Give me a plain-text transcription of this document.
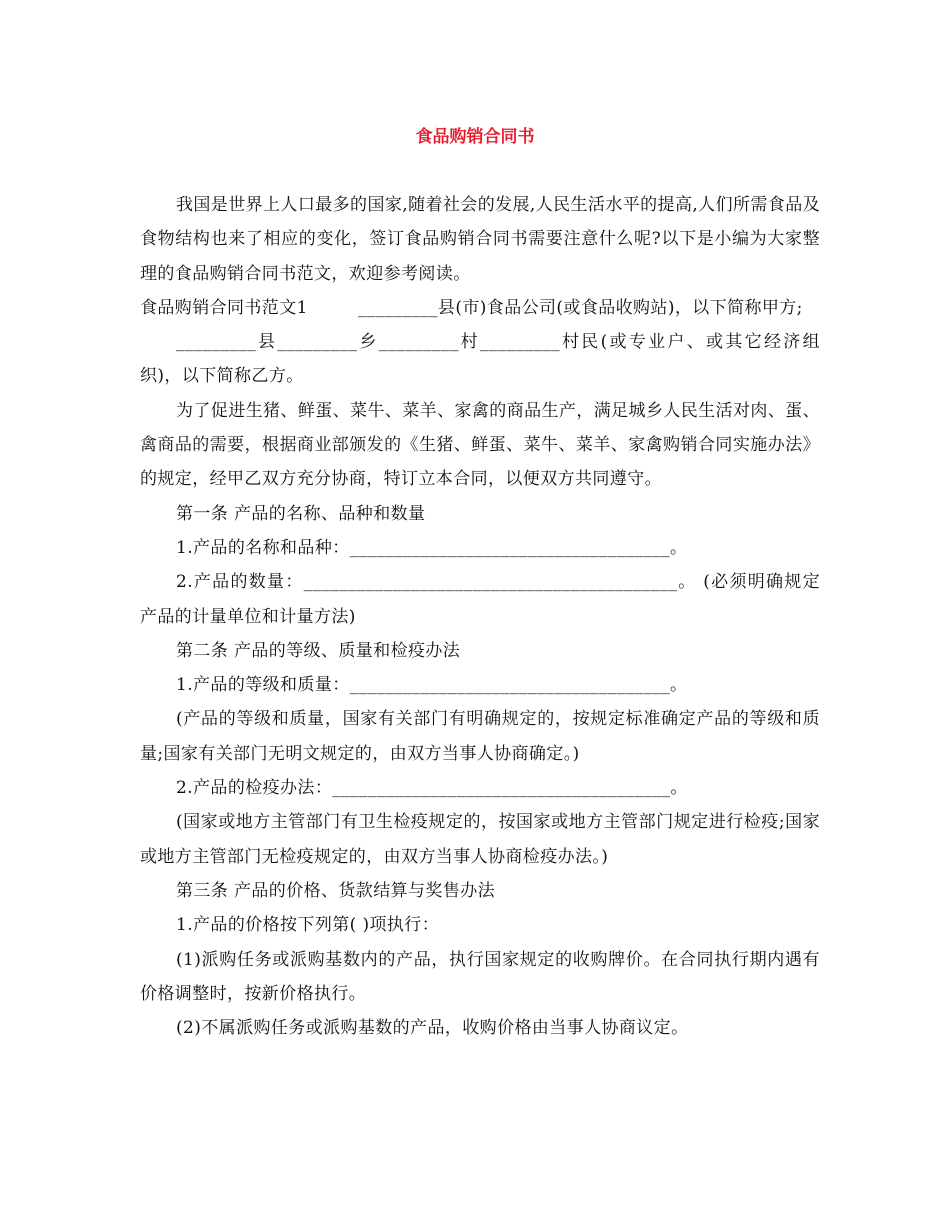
食品购销合同书

我国是世界上人口最多的国家,随着社会的发展,人民生活水平的提高,人们所需食品及食物结构也来了相应的变化，签订食品购销合同书需要注意什么呢?以下是小编为大家整理的食品购销合同书范文，欢迎参考阅读。

食品购销合同书范文1	_________县(市)食品公司(或食品收购站)，以下简称甲方;

_________县_________乡_________村_________村民(或专业户、或其它经济组织)，以下简称乙方。

为了促进生猪、鲜蛋、菜牛、菜羊、家禽的商品生产，满足城乡人民生活对肉、蛋、禽商品的需要，根据商业部颁发的《生猪、鲜蛋、菜牛、菜羊、家禽购销合同实施办法》的规定，经甲乙双方充分协商，特订立本合同，以便双方共同遵守。

第一条 产品的名称、品种和数量

1.产品的名称和品种：____________________________________。

2.产品的数量：__________________________________________。 (必须明确规定产品的计量单位和计量方法)

第二条 产品的等级、质量和检疫办法

1.产品的等级和质量：____________________________________。

(产品的等级和质量，国家有关部门有明确规定的，按规定标准确定产品的等级和质量;国家有关部门无明文规定的，由双方当事人协商确定。)

2.产品的检疫办法：______________________________________。

(国家或地方主管部门有卫生检疫规定的，按国家或地方主管部门规定进行检疫;国家或地方主管部门无检疫规定的，由双方当事人协商检疫办法。)

第三条 产品的价格、货款结算与奖售办法

1.产品的价格按下列第( )项执行：

(1)派购任务或派购基数内的产品，执行国家规定的收购牌价。在合同执行期内遇有价格调整时，按新价格执行。

(2)不属派购任务或派购基数的产品，收购价格由当事人协商议定。
